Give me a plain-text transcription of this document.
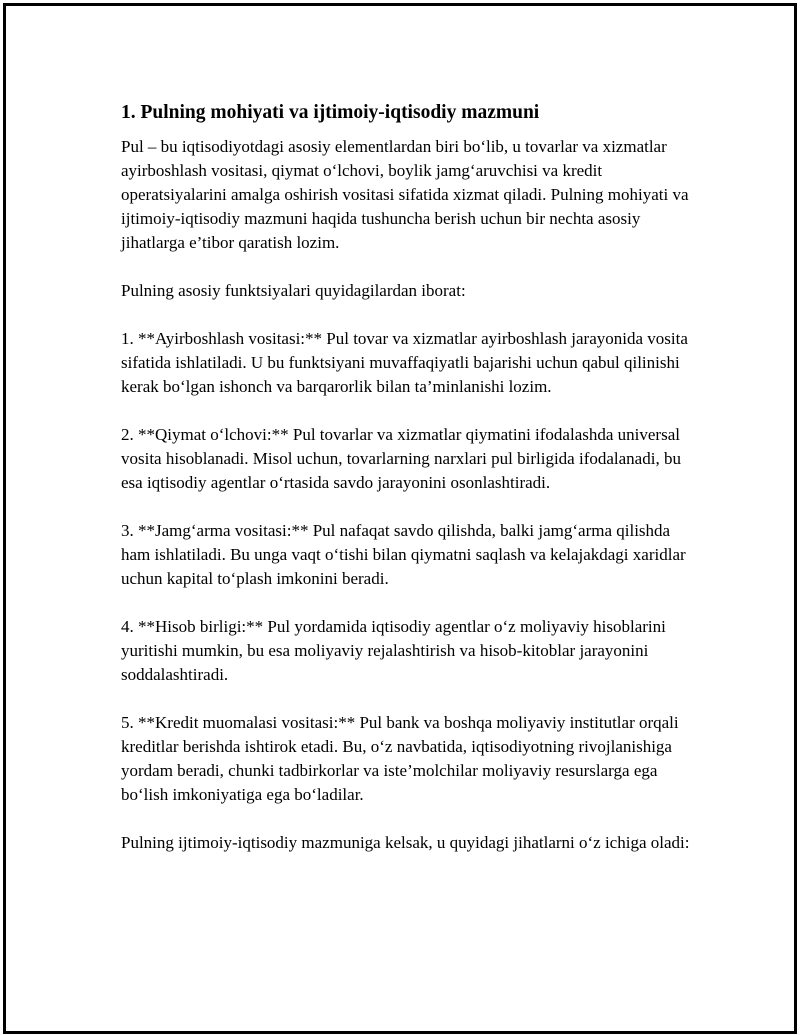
1. Pulning mohiyati va ijtimoiy-iqtisodiy mazmuni

Pul – bu iqtisodiyotdagi asosiy elementlardan biri bo‘lib, u tovarlar va xizmatlar ayirboshlash vositasi, qiymat o‘lchovi, boylik jamg‘aruvchisi va kredit operatsiyalarini amalga oshirish vositasi sifatida xizmat qiladi. Pulning mohiyati va ijtimoiy-iqtisodiy mazmuni haqida tushuncha berish uchun bir nechta asosiy jihatlarga e’tibor qaratish lozim.

Pulning asosiy funktsiyalari quyidagilardan iborat:

1. **Ayirboshlash vositasi:** Pul tovar va xizmatlar ayirboshlash jarayonida vosita sifatida ishlatiladi. U bu funktsiyani muvaffaqiyatli bajarishi uchun qabul qilinishi kerak bo‘lgan ishonch va barqarorlik bilan ta’minlanishi lozim.

2. **Qiymat o‘lchovi:** Pul tovarlar va xizmatlar qiymatini ifodalashda universal vosita hisoblanadi. Misol uchun, tovarlarning narxlari pul birligida ifodalanadi, bu esa iqtisodiy agentlar o‘rtasida savdo jarayonini osonlashtiradi.

3. **Jamg‘arma vositasi:** Pul nafaqat savdo qilishda, balki jamg‘arma qilishda ham ishlatiladi. Bu unga vaqt o‘tishi bilan qiymatni saqlash va kelajakdagi xaridlar uchun kapital to‘plash imkonini beradi.

4. **Hisob birligi:** Pul yordamida iqtisodiy agentlar o‘z moliyaviy hisoblarini yuritishi mumkin, bu esa moliyaviy rejalashtirish va hisob-kitoblar jarayonini soddalashtiradi.

5. **Kredit muomalasi vositasi:** Pul bank va boshqa moliyaviy institutlar orqali kreditlar berishda ishtirok etadi. Bu, o‘z navbatida, iqtisodiyotning rivojlanishiga yordam beradi, chunki tadbirkorlar va iste’molchilar moliyaviy resurslarga ega bo‘lish imkoniyatiga ega bo‘ladilar.

Pulning ijtimoiy-iqtisodiy mazmuniga kelsak, u quyidagi jihatlarni o‘z ichiga oladi:
